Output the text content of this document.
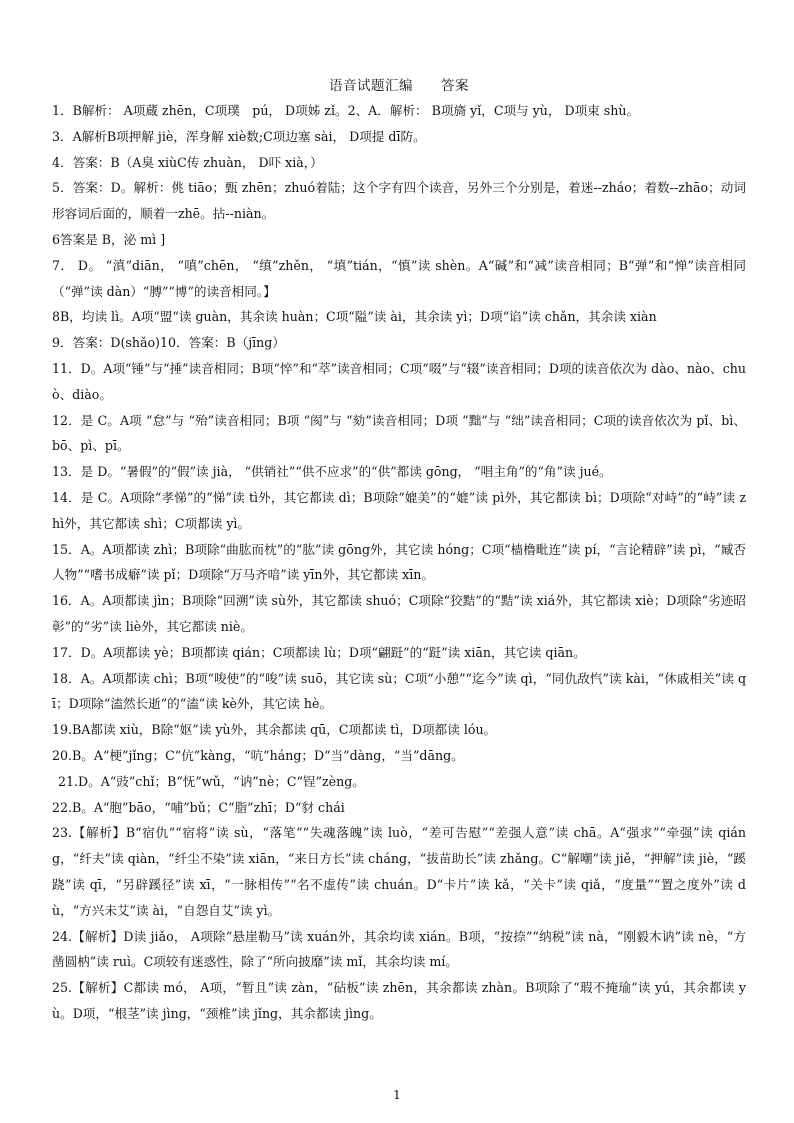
语音试题汇编　　答案

1．B解析： A项蔵 zhēn，C项璞　pú， D项姊 zǐ。2、A．解析： B项旖 yǐ，C项与 yù， D项束 shù。

3．A解析B项押解 jiè，浑身解 xiè数;C项边塞 sài， D项提 dī防。

4．答案：B（A臭 xiùC传 zhuàn， D吓 xià，）

5．答案：D。解析：佻 tiāo；甄 zhēn；zhuó着陆；这个字有四个读音，另外三个分别是，着迷--zháo；着数--zhāo；动词形容词后面的，顺着一zhē。拈--niàn。

6答案是 B，泌 mì ]

7． D。 “滇”diān， “嗔”chēn， “缜”zhěn， “填”tián，“慎”读 shèn。A“碱”和“减”读音相同；B“弹”和“惮”读音相同（“弹”读 dàn）“膊”“博”的读音相同。】

8B，均读 lì。A项“盟“读 guàn，其余读 huàn；C项“隘”读 ài，其余读 yì；D项“谄”读 chǎn，其余读 xiàn

9．答案：D(shǎo)10．答案：B（jīng）

11．D。A项“锤”与“捶”读音相同；B项“悴”和“萃”读音相同；C项“啜”与“辍”读音相同；D项的读音依次为 dào、nào、chuò、diào。

12．是 C。A项 “怠”与 “殆”读音相同；B项 “阂”与 “劾”读音相同；D项 “黜”与 “绌”读音相同；C项的读音依次为 pǐ、bì、bō、pì、pī。

13．是 D。“暑假”的“假”读 jià， “供销社”“供不应求”的“供”都读 gōng， “唱主角”的“角”读 jué。

14．是 C。A项除“孝悌”的“悌”读 tì外，其它都读 dì；B项除“媲美”的“媲”读 pì外，其它都读 bì；D项除“对峙”的“峙”读 zhì外，其它都读 shì；C项都读 yì。

15．A。A项都读 zhì；B项除“曲肱而枕”的“肱”读 gōng外，其它读 hóng；C项“樯橹毗连”读 pí，“言论精辟”读 pì，“臧否人物”“嗜书成癖”读 pǐ；D项除“万马齐喑”读 yīn外，其它都读 xīn。

16．A。A项都读 jìn；B项除“回溯”读 sù外，其它都读 shuó；C项除“狡黠”的“黠”读 xiá外，其它都读 xiè；D项除“劣迹昭彰”的“劣”读 liè外，其它都读 niè。

17．D。A项都读 yè；B项都读 qián；C项都读 lù；D项“翩跹”的“跹”读 xiān，其它读 qiān。

18．A。A项都读 chì；B项“唆使”的“唆”读 suō，其它读 sù；C项“小憩”“迄今”读 qì，“同仇敌忾”读 kài，“休戚相关”读 qī；D项除“溘然长逝”的“溘”读 kè外，其它读 hè。

19.BA都读 xiù，B除“妪”读 yù外，其余都读 qū，C项都读 tì，D项都读 lóu。

20.B。A“梗”jǐng；C“伉”kàng，“吭”háng；D“当”dàng，“当”dāng。

21.D。A“豉”chǐ；B“怃”wǔ，“讷”nè；C“锃”zèng。

22.B。A“胞”bāo，“哺”bǔ；C“脂”zhī；D“豺 chái

23.【解析】B“宿仇”“宿将”读 sù，“落笔”“失魂落魄”读 luò，“差可告慰”“差强人意”读 chā。A“强求”“牵强”读 qiáng，“纤夫”读 qiàn，“纤尘不染”读 xiān，“来日方长”读 cháng，“拔苗助长”读 zhǎng。C“解嘲”读 jiě，“押解”读 jiè，“蹊跷”读 qī，“另辟蹊径”读 xī，“一脉相传”“名不虚传”读 chuán。D“卡片”读 kǎ，“关卡”读 qiǎ，“度量”“置之度外”读 dù，“方兴未艾”读 ài，“自怨自艾”读 yì。

24.【解析】D读 jiǎo， A项除“悬崖勒马”读 xuán外，其余均读 xián。B项，“按捺”“纳税”读 nà，“刚毅木讷”读 nè，“方凿圆枘”读 ruì。C项较有迷惑性，除了“所向披靡”读 mǐ，其余均读 mí。

25.【解析】C都读 mó， A项，“暂且”读 zàn，“砧板”读 zhēn，其余都读 zhàn。B项除了“瑕不掩瑜”读 yú，其余都读 yù。D项，“根茎”读 jìng，“颈椎”读 jǐng，其余都读 jìng。

1
